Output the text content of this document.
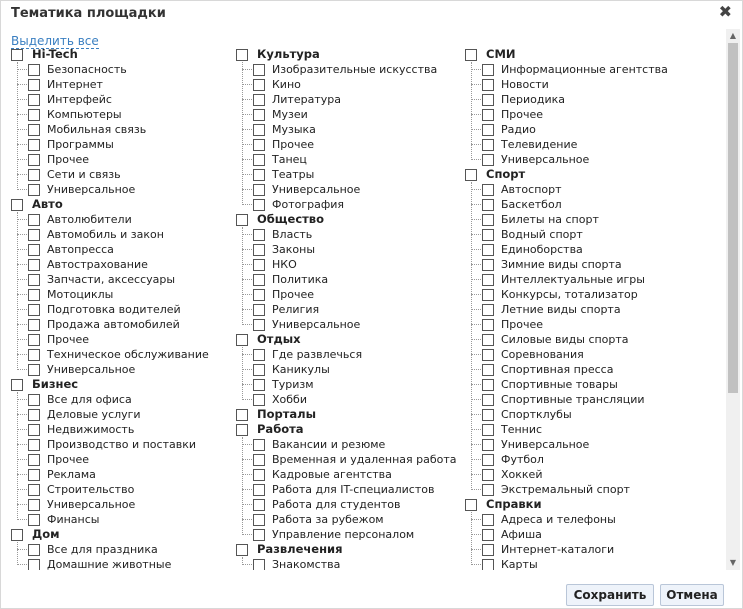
Тематика площадки	✖
Выделить все
Hi-Tech
Безопасность
Интернет
Интерфейс
Компьютеры
Мобильная связь
Программы
Прочее
Сети и связь
Универсальное
Авто
Автолюбители
Автомобиль и закон
Автопресса
Автострахование
Запчасти, аксессуары
Мотоциклы
Подготовка водителей
Продажа автомобилей
Прочее
Техническое обслуживание
Универсальное
Бизнес
Все для офиса
Деловые услуги
Недвижимость
Производство и поставки
Прочее
Реклама
Строительство
Универсальное
Финансы
Дом
Все для праздника
Домашние животные
Культура
Изобразительные искусства
Кино
Литература
Музеи
Музыка
Прочее
Танец
Театры
Универсальное
Фотография
Общество
Власть
Законы
НКО
Политика
Прочее
Религия
Универсальное
Отдых
Где развлечься
Каникулы
Туризм
Хобби
Порталы
Работа
Вакансии и резюме
Временная и удаленная работа
Кадровые агентства
Работа для IT-специалистов
Работа для студентов
Работа за рубежом
Управление персоналом
Развлечения
Знакомства
СМИ
Информационные агентства
Новости
Периодика
Прочее
Радио
Телевидение
Универсальное
Спорт
Автоспорт
Баскетбол
Билеты на спорт
Водный спорт
Единоборства
Зимние виды спорта
Интеллектуальные игры
Конкурсы, тотализатор
Летние виды спорта
Прочее
Силовые виды спорта
Соревнования
Спортивная пресса
Спортивные товары
Спортивные трансляции
Спортклубы
Теннис
Универсальное
Футбол
Хоккей
Экстремальный спорт
Справки
Адреса и телефоны
Афиша
Интернет-каталоги
Карты
▲
▼
Сохранить	Отмена
